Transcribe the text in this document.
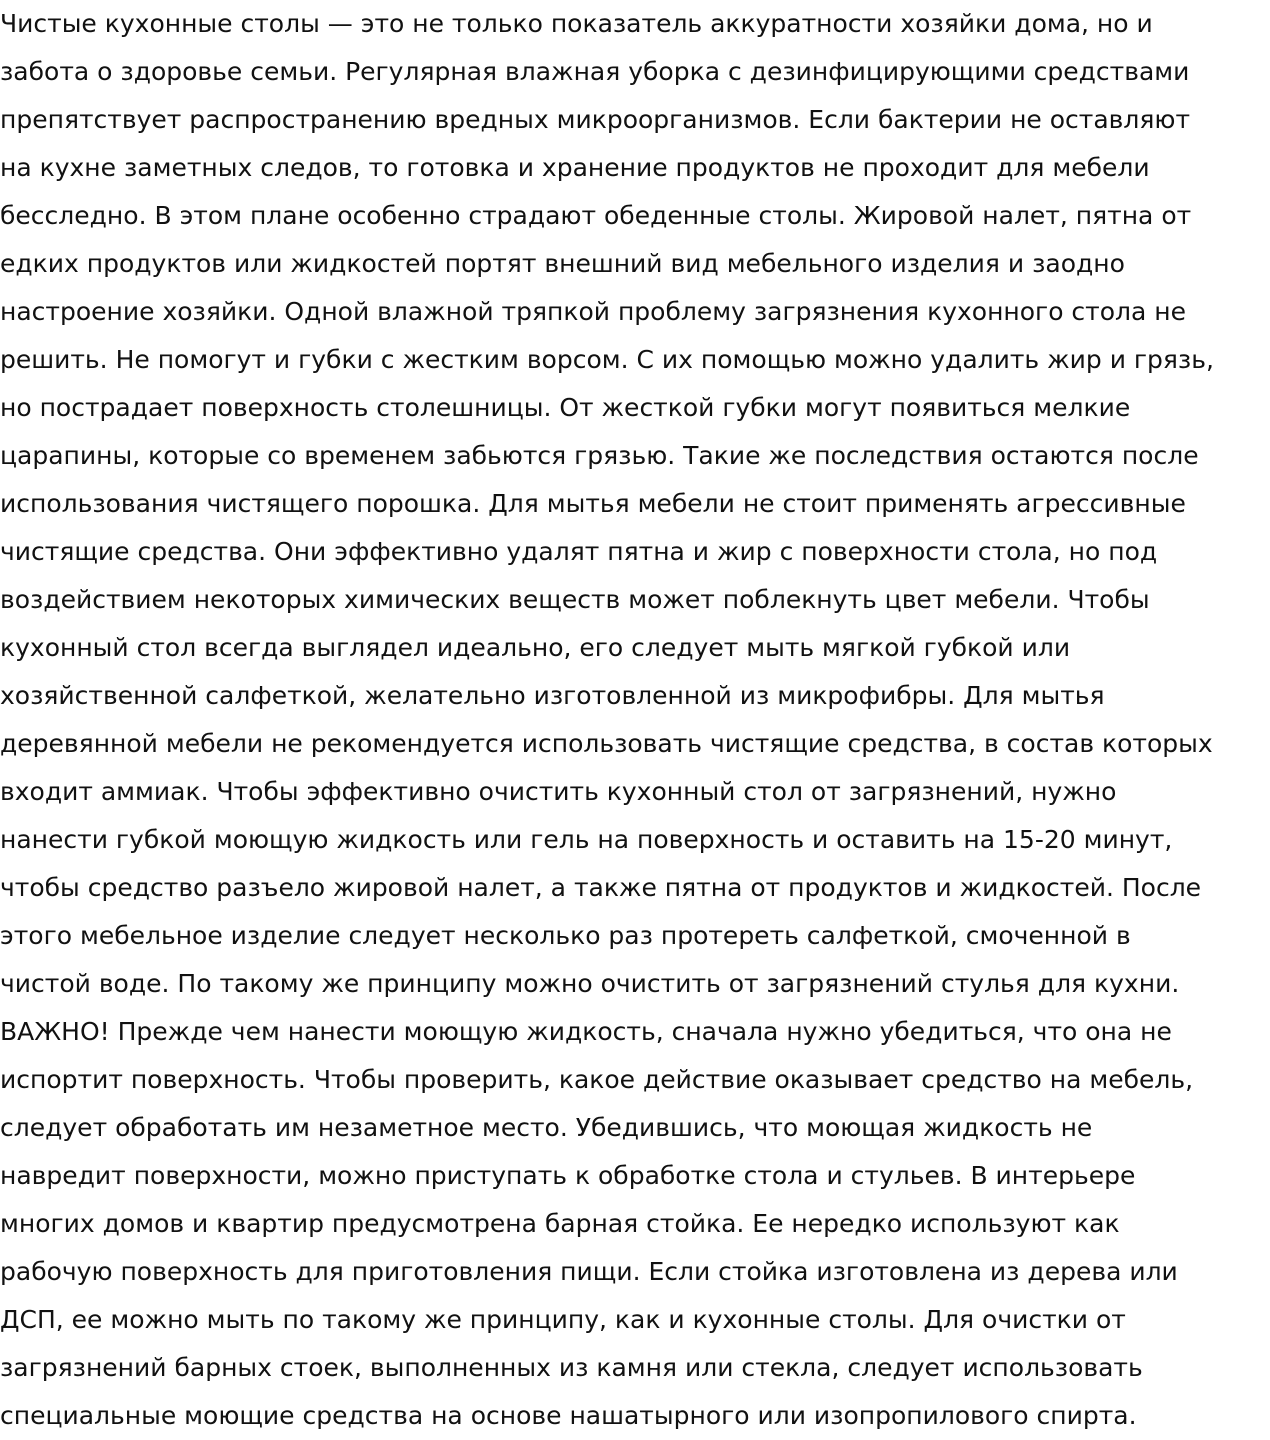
Чистые кухонные столы — это не только показатель аккуратности хозяйки дома, но и
забота о здоровье семьи. Регулярная влажная уборка с дезинфицирующими средствами
препятствует распространению вредных микроорганизмов. Если бактерии не оставляют
на кухне заметных следов, то готовка и хранение продуктов не проходит для мебели
бесследно. В этом плане особенно страдают обеденные столы. Жировой налет, пятна от
едких продуктов или жидкостей портят внешний вид мебельного изделия и заодно
настроение хозяйки. Одной влажной тряпкой проблему загрязнения кухонного стола не
решить. Не помогут и губки с жестким ворсом. С их помощью можно удалить жир и грязь,
но пострадает поверхность столешницы. От жесткой губки могут появиться мелкие
царапины, которые со временем забьются грязью. Такие же последствия остаются после
использования чистящего порошка. Для мытья мебели не стоит применять агрессивные
чистящие средства. Они эффективно удалят пятна и жир с поверхности стола, но под
воздействием некоторых химических веществ может поблекнуть цвет мебели. Чтобы
кухонный стол всегда выглядел идеально, его следует мыть мягкой губкой или
хозяйственной салфеткой, желательно изготовленной из микрофибры. Для мытья
деревянной мебели не рекомендуется использовать чистящие средства, в состав которых
входит аммиак. Чтобы эффективно очистить кухонный стол от загрязнений, нужно
нанести губкой моющую жидкость или гель на поверхность и оставить на 15-20 минут,
чтобы средство разъело жировой налет, а также пятна от продуктов и жидкостей. После
этого мебельное изделие следует несколько раз протереть салфеткой, смоченной в
чистой воде. По такому же принципу можно очистить от загрязнений стулья для кухни.
ВАЖНО! Прежде чем нанести моющую жидкость, сначала нужно убедиться, что она не
испортит поверхность. Чтобы проверить, какое действие оказывает средство на мебель,
следует обработать им незаметное место. Убедившись, что моющая жидкость не
навредит поверхности, можно приступать к обработке стола и стульев. В интерьере
многих домов и квартир предусмотрена барная стойка. Ее нередко используют как
рабочую поверхность для приготовления пищи. Если стойка изготовлена из дерева или
ДСП, ее можно мыть по такому же принципу, как и кухонные столы. Для очистки от
загрязнений барных стоек, выполненных из камня или стекла, следует использовать
специальные моющие средства на основе нашатырного или изопропилового спирта.
